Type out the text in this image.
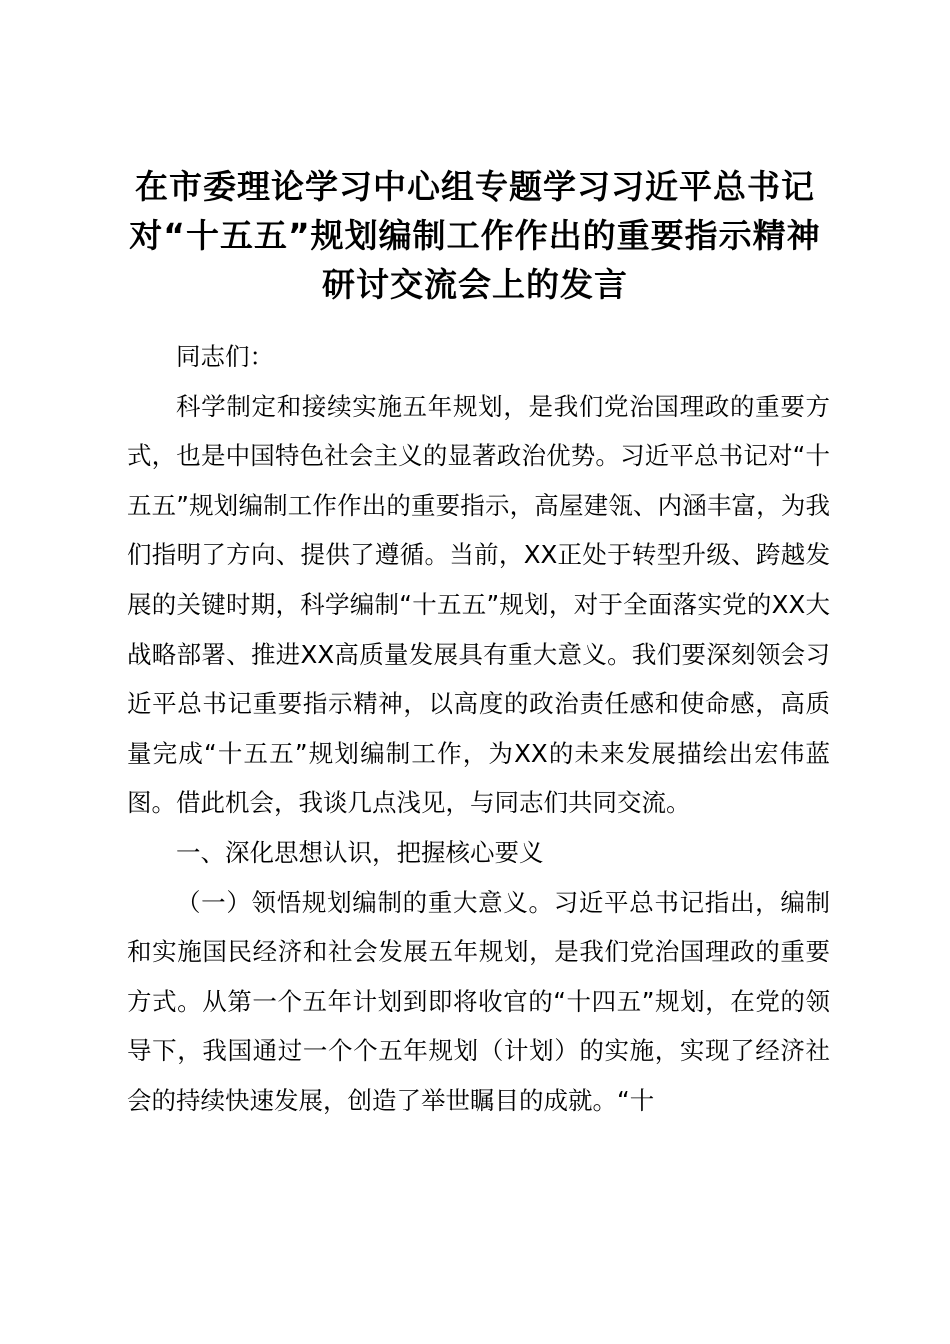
在市委理论学习中心组专题学习习近平总书记对“十五五”规划编制工作作出的重要指示精神研讨交流会上的发言

同志们：

科学制定和接续实施五年规划，是我们党治国理政的重要方式，也是中国特色社会主义的显著政治优势。习近平总书记对“十五五”规划编制工作作出的重要指示，高屋建瓴、内涵丰富，为我们指明了方向、提供了遵循。当前，XX正处于转型升级、跨越发展的关键时期，科学编制“十五五”规划，对于全面落实党的XX大战略部署、推进XX高质量发展具有重大意义。我们要深刻领会习近平总书记重要指示精神，以高度的政治责任感和使命感，高质量完成“十五五”规划编制工作，为XX的未来发展描绘出宏伟蓝图。借此机会，我谈几点浅见，与同志们共同交流。

一、深化思想认识，把握核心要义

（一）领悟规划编制的重大意义。习近平总书记指出，编制和实施国民经济和社会发展五年规划，是我们党治国理政的重要方式。从第一个五年计划到即将收官的“十四五”规划，在党的领导下，我国通过一个个五年规划（计划）的实施，实现了经济社会的持续快速发展，创造了举世瞩目的成就。“十
